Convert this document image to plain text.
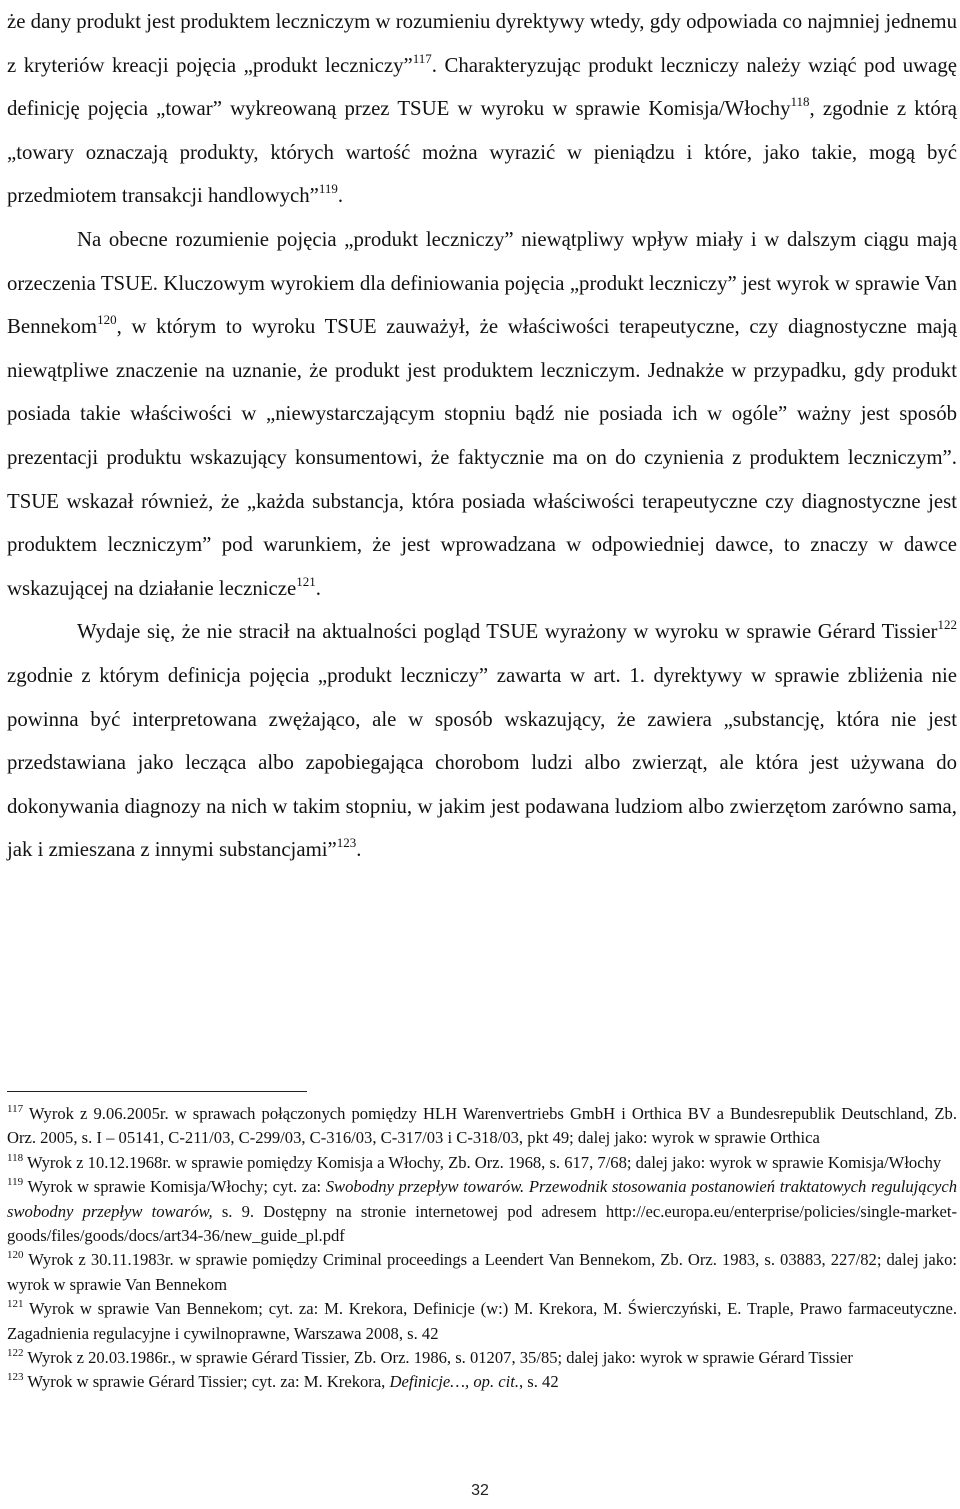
że dany produkt jest produktem leczniczym w rozumieniu dyrektywy wtedy, gdy odpowiada co najmniej jednemu z kryteriów kreacji pojęcia „produkt leczniczy”$^{117}$. Charakteryzując produkt leczniczy należy wziąć pod uwagę definicję pojęcia „towar” wykreowaną przez TSUE w wyroku w sprawie Komisja/Włochy$^{118}$, zgodnie z którą „towary oznaczają produkty, których wartość można wyrazić w pieniądzu i które, jako takie, mogą być przedmiotem transakcji handlowych”$^{119}$.

Na obecne rozumienie pojęcia „produkt leczniczy” niewątpliwy wpływ miały i w dalszym ciągu mają orzeczenia TSUE. Kluczowym wyrokiem dla definiowania pojęcia „produkt leczniczy” jest wyrok w sprawie Van Bennekom$^{120}$, w którym to wyroku TSUE zauważył, że właściwości terapeutyczne, czy diagnostyczne mają niewątpliwe znaczenie na uznanie, że produkt jest produktem leczniczym. Jednakże w przypadku, gdy produkt posiada takie właściwości w „niewystarczającym stopniu bądź nie posiada ich w ogóle” ważny jest sposób prezentacji produktu wskazujący konsumentowi, że faktycznie ma on do czynienia z produktem leczniczym”. TSUE wskazał również, że „każda substancja, która posiada właściwości terapeutyczne czy diagnostyczne jest produktem leczniczym” pod warunkiem, że jest wprowadzana w odpowiedniej dawce, to znaczy w dawce wskazującej na działanie lecznicze$^{121}$.

Wydaje się, że nie stracił na aktualności pogląd TSUE wyrażony w wyroku w sprawie Gérard Tissier$^{122}$ zgodnie z którym definicja pojęcia „produkt leczniczy” zawarta w art. 1. dyrektywy w sprawie zbliżenia nie powinna być interpretowana zwężająco, ale w sposób wskazujący, że zawiera „substancję, która nie jest przedstawiana jako lecząca albo zapobiegająca chorobom ludzi albo zwierząt, ale która jest używana do dokonywania diagnozy na nich w takim stopniu, w jakim jest podawana ludziom albo zwierzętom zarówno sama, jak i zmieszana z innymi substancjami”$^{123}$.

$^{117}$ Wyrok z 9.06.2005r. w sprawach połączonych pomiędzy HLH Warenvertriebs GmbH i Orthica BV a Bundesrepublik Deutschland, Zb. Orz. 2005, s. I – 05141, C-211/03, C-299/03, C-316/03, C-317/03 i C-318/03, pkt 49; dalej jako: wyrok w sprawie Orthica

$^{118}$ Wyrok z 10.12.1968r. w sprawie pomiędzy Komisja a Włochy, Zb. Orz. 1968, s. 617, 7/68; dalej jako: wyrok w sprawie Komisja/Włochy

$^{119}$ Wyrok w sprawie Komisja/Włochy; cyt. za: Swobodny przepływ towarów. Przewodnik stosowania postanowień traktatowych regulujących swobodny przepływ towarów, s. 9. Dostępny na stronie internetowej pod adresem http://ec.europa.eu/enterprise/policies/single-market-goods/files/goods/docs/art34-36/new_guide_pl.pdf

$^{120}$ Wyrok z 30.11.1983r. w sprawie pomiędzy Criminal proceedings a Leendert Van Bennekom, Zb. Orz. 1983, s. 03883, 227/82; dalej jako: wyrok w sprawie Van Bennekom

$^{121}$ Wyrok w sprawie Van Bennekom; cyt. za: M. Krekora, Definicje (w:) M. Krekora, M. Świerczyński, E. Traple, Prawo farmaceutyczne. Zagadnienia regulacyjne i cywilnoprawne, Warszawa 2008, s. 42

$^{122}$ Wyrok z 20.03.1986r., w sprawie Gérard Tissier, Zb. Orz. 1986, s. 01207, 35/85; dalej jako: wyrok w sprawie Gérard Tissier

$^{123}$ Wyrok w sprawie Gérard Tissier; cyt. za: M. Krekora, Definicje…, op. cit., s. 42

32
